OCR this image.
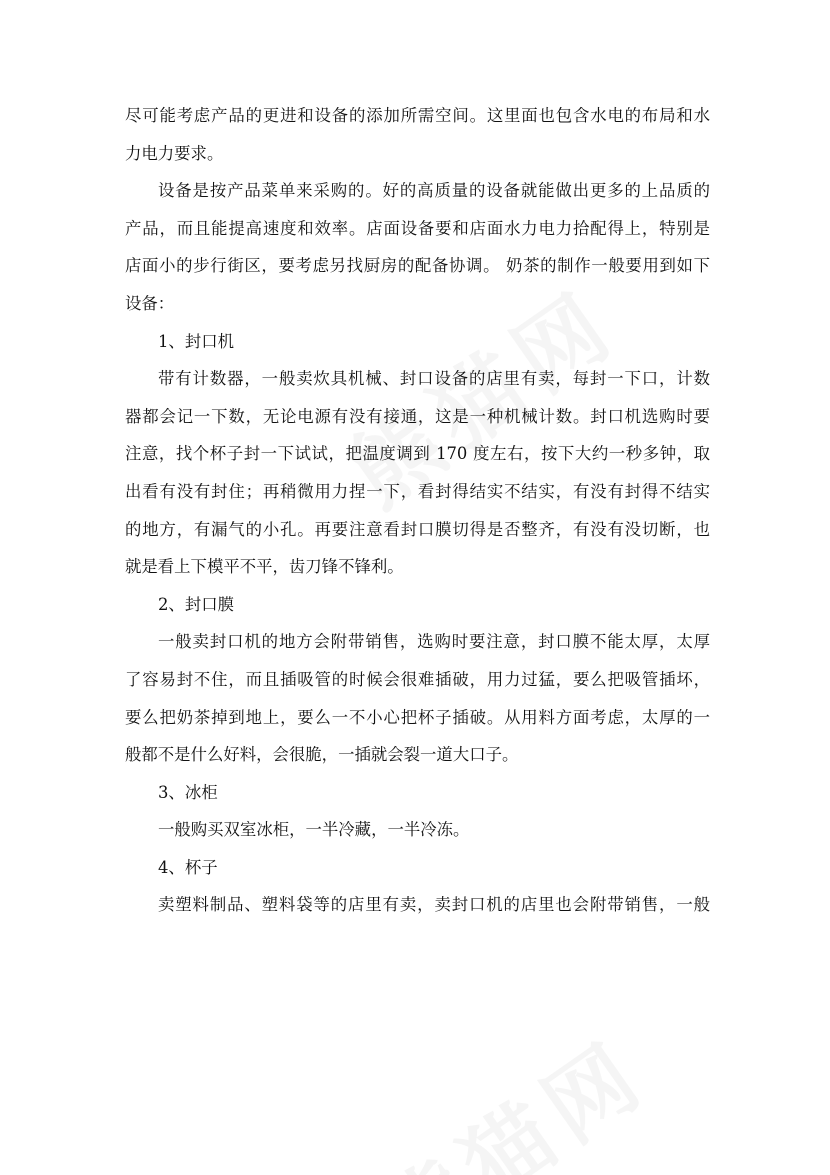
尽可能考虑产品的更进和设备的添加所需空间。这里面也包含水电的布局和水
力电力要求。
设备是按产品菜单来采购的。好的高质量的设备就能做出更多的上品质的
产品，而且能提高速度和效率。店面设备要和店面水力电力拾配得上，特别是
店面小的步行街区，要考虑另找厨房的配备协调。 奶茶的制作一般要用到如下
设备：
1、封口机
带有计数器，一般卖炊具机械、封口设备的店里有卖，每封一下口，计数
器都会记一下数，无论电源有没有接通，这是一种机械计数。封口机选购时要
注意，找个杯子封一下试试，把温度调到 170 度左右，按下大约一秒多钟，取
出看有没有封住；再稍微用力捏一下，看封得结实不结实，有没有封得不结实
的地方，有漏气的小孔。再要注意看封口膜切得是否整齐，有没有没切断，也
就是看上下模平不平，齿刀锋不锋利。
2、封口膜
一般卖封口机的地方会附带销售，选购时要注意，封口膜不能太厚，太厚
了容易封不住，而且插吸管的时候会很难插破，用力过猛，要么把吸管插坏，
要么把奶茶掉到地上，要么一不小心把杯子插破。从用料方面考虑，太厚的一
般都不是什么好料，会很脆，一插就会裂一道大口子。
3、冰柜
一般购买双室冰柜，一半冷藏，一半冷冻。
4、杯子
卖塑料制品、塑料袋等的店里有卖，卖封口机的店里也会附带销售，一般
